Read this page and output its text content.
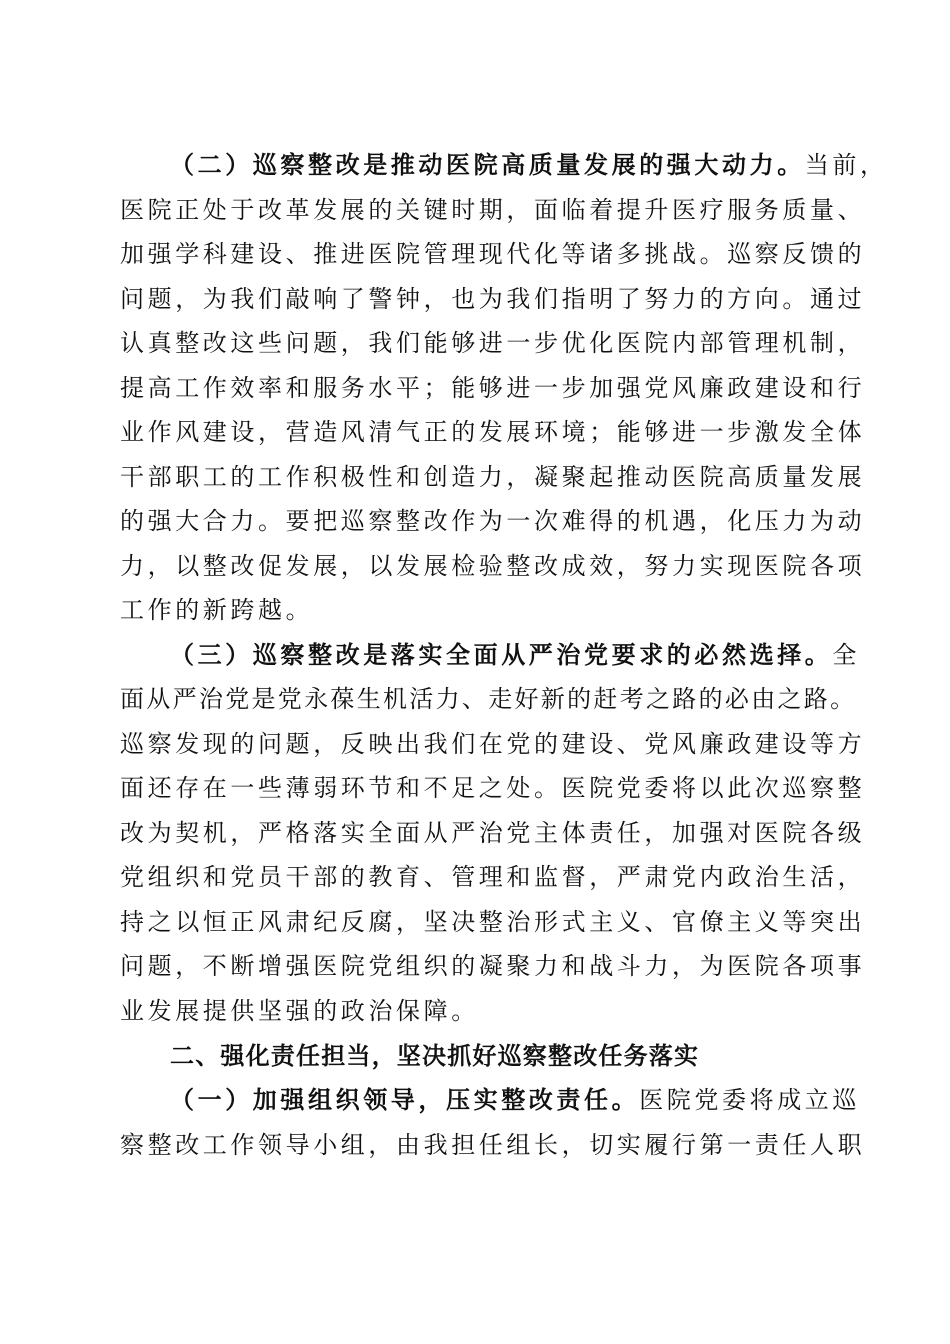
（二）巡察整改是推动医院高质量发展的强大动力。当前，

医院正处于改革发展的关键时期，面临着提升医疗服务质量、

加强学科建设、推进医院管理现代化等诸多挑战。巡察反馈的

问题，为我们敲响了警钟，也为我们指明了努力的方向。通过

认真整改这些问题，我们能够进一步优化医院内部管理机制，

提高工作效率和服务水平；能够进一步加强党风廉政建设和行

业作风建设，营造风清气正的发展环境；能够进一步激发全体

干部职工的工作积极性和创造力，凝聚起推动医院高质量发展

的强大合力。要把巡察整改作为一次难得的机遇，化压力为动

力，以整改促发展，以发展检验整改成效，努力实现医院各项

工作的新跨越。

（三）巡察整改是落实全面从严治党要求的必然选择。全

面从严治党是党永葆生机活力、走好新的赶考之路的必由之路。

巡察发现的问题，反映出我们在党的建设、党风廉政建设等方

面还存在一些薄弱环节和不足之处。医院党委将以此次巡察整

改为契机，严格落实全面从严治党主体责任，加强对医院各级

党组织和党员干部的教育、管理和监督，严肃党内政治生活，

持之以恒正风肃纪反腐，坚决整治形式主义、官僚主义等突出

问题，不断增强医院党组织的凝聚力和战斗力，为医院各项事

业发展提供坚强的政治保障。

二、强化责任担当，坚决抓好巡察整改任务落实

（一）加强组织领导，压实整改责任。医院党委将成立巡

察整改工作领导小组，由我担任组长，切实履行第一责任人职
